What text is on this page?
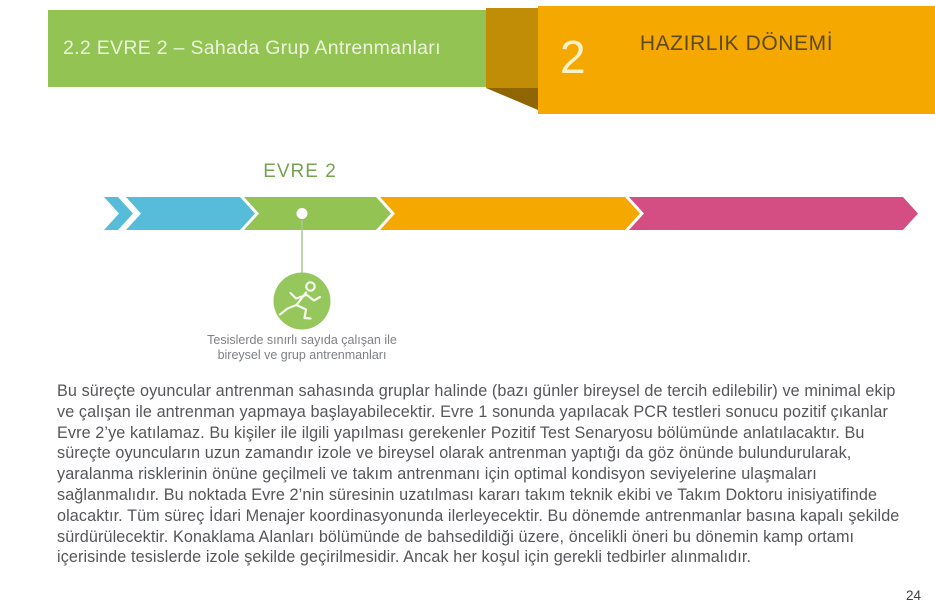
2.2 EVRE 2 – Sahada Grup Antrenmanları	2	HAZIRLIK DÖNEMİ
EVRE 2
Tesislerde sınırlı sayıda çalışan ile
bireysel ve grup antrenmanları
Bu süreçte oyuncular antrenman sahasında gruplar halinde (bazı günler bireysel de tercih edilebilir) ve minimal ekip ve çalışan ile antrenman yapmaya başlayabilecektir. Evre 1 sonunda yapılacak PCR testleri sonucu pozitif çıkanlar Evre 2’ye katılamaz. Bu kişiler ile ilgili yapılması gerekenler Pozitif Test Senaryosu bölümünde anlatılacaktır. Bu süreçte oyuncuların uzun zamandır izole ve bireysel olarak antrenman yaptığı da göz önünde bulundurularak, yaralanma risklerinin önüne geçilmeli ve takım antrenmanı için optimal kondisyon seviyelerine ulaşmaları sağlanmalıdır. Bu noktada Evre 2’nin süresinin uzatılması kararı takım teknik ekibi ve Takım Doktoru inisiyatifinde olacaktır. Tüm süreç İdari Menajer koordinasyonunda ilerleyecektir. Bu dönemde antrenmanlar basına kapalı şekilde sürdürülecektir. Konaklama Alanları bölümünde de bahsedildiği üzere, öncelikli öneri bu dönemin kamp ortamı içerisinde tesislerde izole şekilde geçirilmesidir. Ancak her koşul için gerekli tedbirler alınmalıdır.
24
